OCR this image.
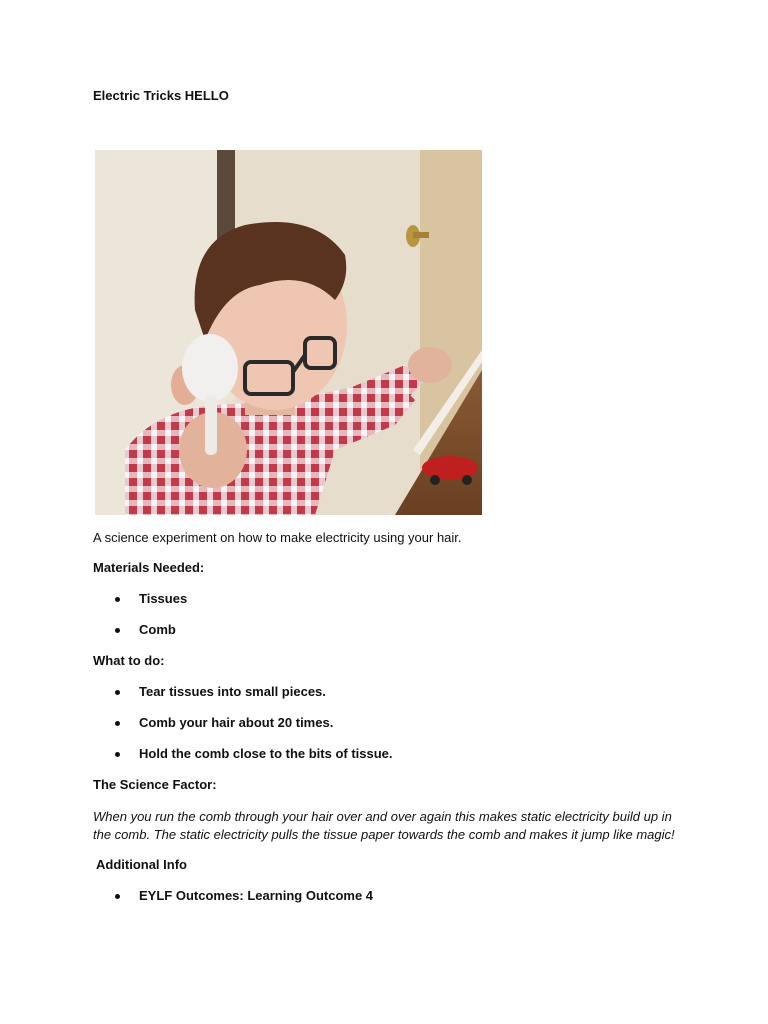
Electric Tricks HELLO
A science experiment on how to make electricity using your hair.
Materials Needed:
Tissues
Comb
What to do:
Tear tissues into small pieces.
Comb your hair about 20 times.
Hold the comb close to the bits of tissue.
The Science Factor:
When you run the comb through your hair over and over again this makes static electricity build up in the comb. The static electricity pulls the tissue paper towards the comb and makes it jump like magic!
Additional Info
EYLF Outcomes: Learning Outcome 4
